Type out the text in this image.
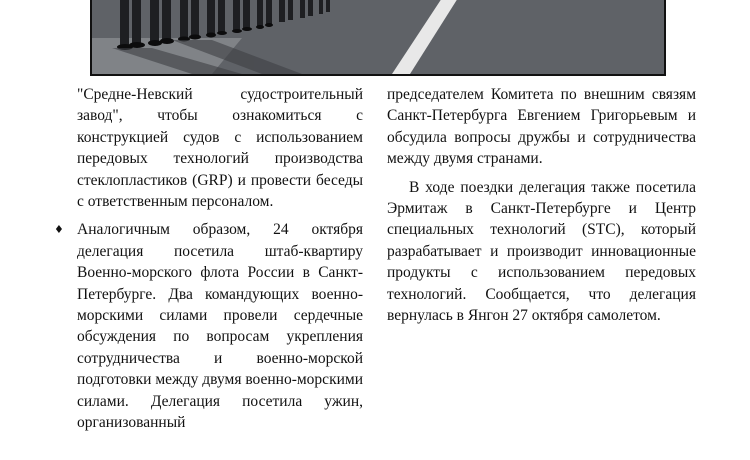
"Средне-Невский судостроительный завод", чтобы ознакомиться с конструкцией судов с использованием передовых технологий производства стеклопластиков (GRP) и провести беседы с ответственным персоналом.

♦ Аналогичным образом, 24 октября делегация посетила штаб-квартиру Военно-морского флота России в Санкт-Петербурге. Два командующих военно-морскими силами провели сердечные обсуждения по вопросам укрепления сотрудничества и военно-морской подготовки между двумя военно-морскими силами. Делегация посетила ужин, организованный

председателем Комитета по внешним связям Санкт-Петербурга Евгением Григорьевым и обсудила вопросы дружбы и сотрудничества между двумя странами.

В ходе поездки делегация также посетила Эрмитаж в Санкт-Петербурге и Центр специальных технологий (STC), который разрабатывает и производит инновационные продукты с использованием передовых технологий. Сообщается, что делегация вернулась в Янгон 27 октября самолетом.
